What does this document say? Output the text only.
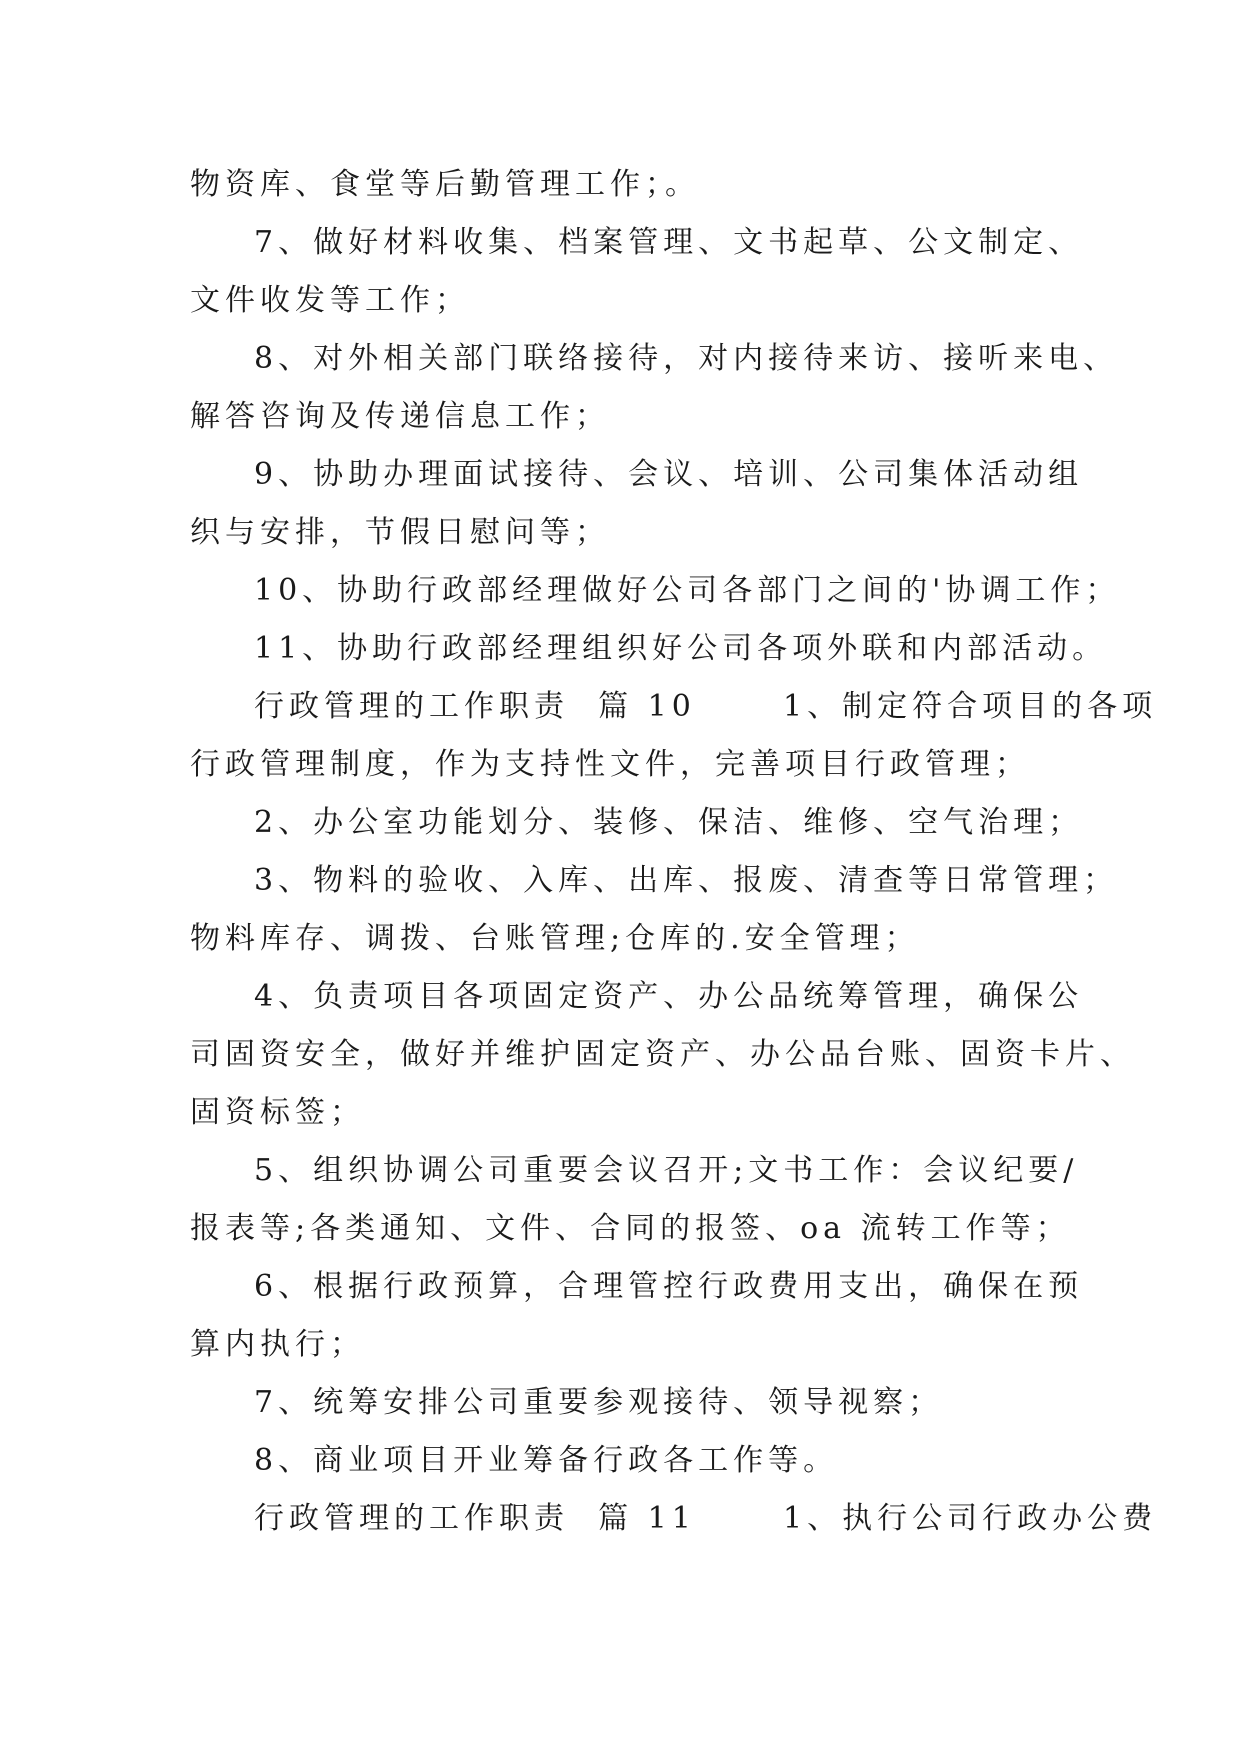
物资库、食堂等后勤管理工作；。
7、做好材料收集、档案管理、文书起草、公文制定、
文件收发等工作；
8、对外相关部门联络接待，对内接待来访、接听来电、
解答咨询及传递信息工作；
9、协助办理面试接待、会议、培训、公司集体活动组
织与安排，节假日慰问等；
10、协助行政部经理做好公司各部门之间的'协调工作；
11、协助行政部经理组织好公司各项外联和内部活动。
行政管理的工作职责  篇 10      1、制定符合项目的各项
行政管理制度，作为支持性文件，完善项目行政管理；
2、办公室功能划分、装修、保洁、维修、空气治理；
3、物料的验收、入库、出库、报废、清查等日常管理；
物料库存、调拨、台账管理;仓库的.安全管理；
4、负责项目各项固定资产、办公品统筹管理，确保公
司固资安全，做好并维护固定资产、办公品台账、固资卡片、
固资标签；
5、组织协调公司重要会议召开;文书工作：会议纪要/
报表等;各类通知、文件、合同的报签、oa 流转工作等；
6、根据行政预算，合理管控行政费用支出，确保在预
算内执行；
7、统筹安排公司重要参观接待、领导视察；
8、商业项目开业筹备行政各工作等。
行政管理的工作职责  篇 11      1、执行公司行政办公费
